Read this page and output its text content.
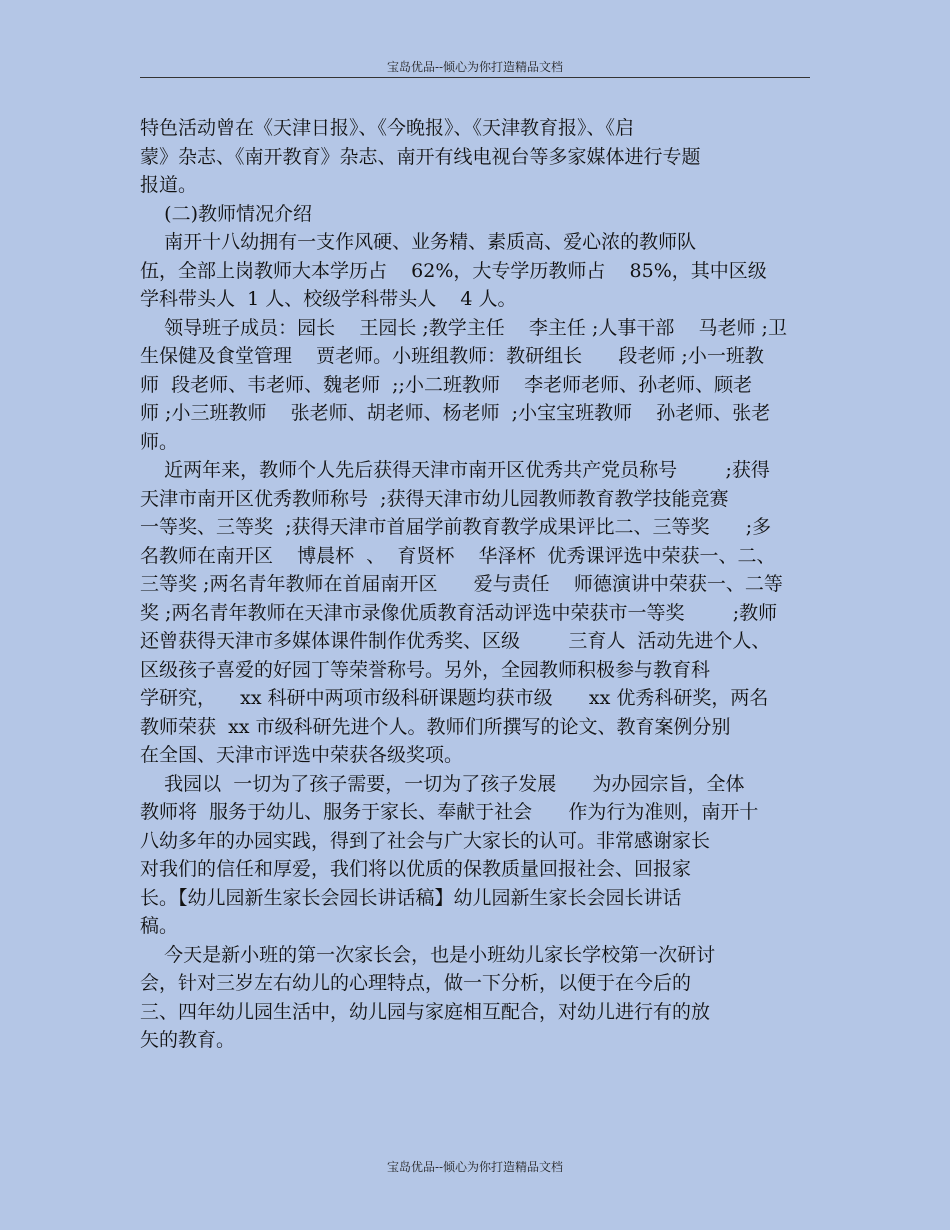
宝岛优品--倾心为你打造精品文档
特色活动曾在《天津日报》、《今晚报》、《天津教育报》、《启
蒙》杂志、《南开教育》杂志、南开有线电视台等多家媒体进行专题
报道。
(二)教师情况介绍
南开十八幼拥有一支作风硬、业务精、素质高、爱心浓的教师队
伍，全部上岗教师大本学历占    62%，大专学历教师占    85%，其中区级
学科带头人  1 人、校级学科带头人    4 人。
领导班子成员：园长    王园长 ;教学主任    李主任 ;人事干部    马老师 ;卫
生保健及食堂管理    贾老师。小班组教师：教研组长      段老师 ;小一班教
师  段老师、韦老师、魏老师  ;;小二班教师    李老师老师、孙老师、顾老
师 ;小三班教师    张老师、胡老师、杨老师  ;小宝宝班教师    孙老师、张老
师。
近两年来，教师个人先后获得天津市南开区优秀共产党员称号        ;获得
天津市南开区优秀教师称号  ;获得天津市幼儿园教师教育教学技能竞赛
一等奖、三等奖  ;获得天津市首届学前教育教学成果评比二、三等奖      ;多
名教师在南开区    博晨杯  、  育贤杯    华泽杯  优秀课评选中荣获一、二、
三等奖 ;两名青年教师在首届南开区      爱与责任    师德演讲中荣获一、二等
奖 ;两名青年教师在天津市录像优质教育活动评选中荣获市一等奖        ;教师
还曾获得天津市多媒体课件制作优秀奖、区级        三育人  活动先进个人、
区级孩子喜爱的好园丁等荣誉称号。另外，全园教师积极参与教育科
学研究，    xx 科研中两项市级科研课题均获市级      xx 优秀科研奖，两名
教师荣获  xx 市级科研先进个人。教师们所撰写的论文、教育案例分别
在全国、天津市评选中荣获各级奖项。
我园以  一切为了孩子需要，一切为了孩子发展      为办园宗旨，全体
教师将  服务于幼儿、服务于家长、奉献于社会      作为行为准则，南开十
八幼多年的办园实践，得到了社会与广大家长的认可。非常感谢家长
对我们的信任和厚爱，我们将以优质的保教质量回报社会、回报家
长。【幼儿园新生家长会园长讲话稿】幼儿园新生家长会园长讲话
稿。
今天是新小班的第一次家长会，也是小班幼儿家长学校第一次研讨
会，针对三岁左右幼儿的心理特点，做一下分析，以便于在今后的
三、四年幼儿园生活中，幼儿园与家庭相互配合，对幼儿进行有的放
矢的教育。
宝岛优品--倾心为你打造精品文档
